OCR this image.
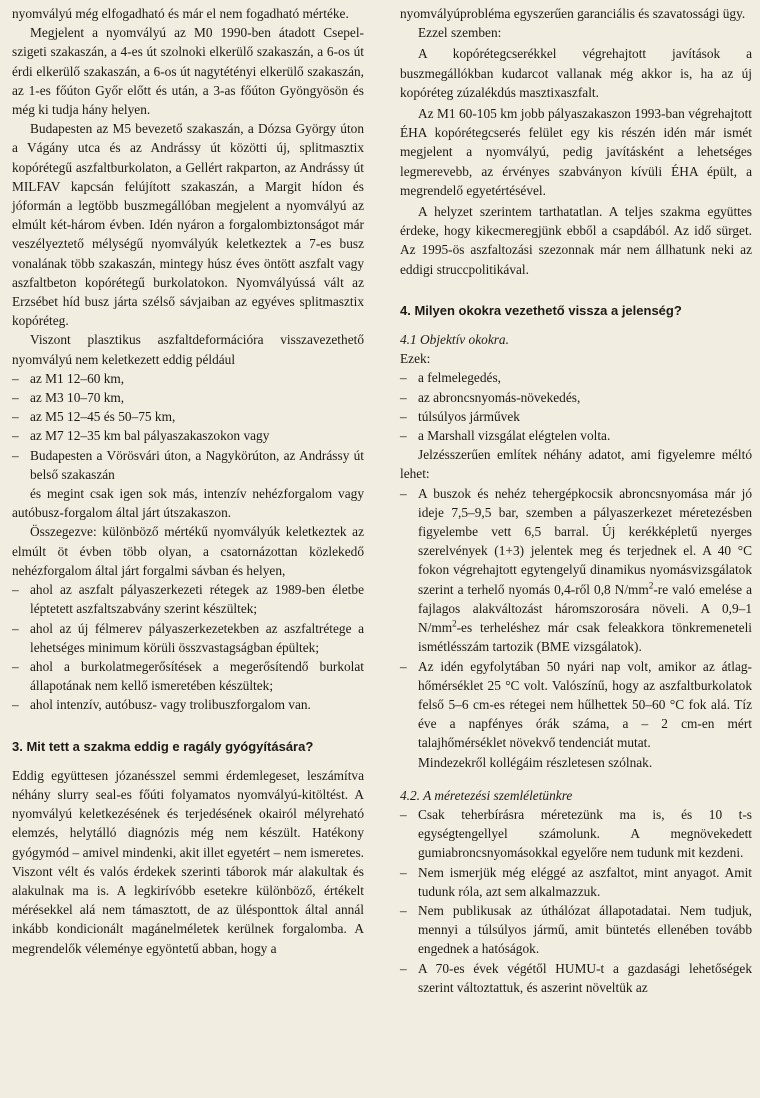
nyomvályú még elfogadható és már el nem fogadható mértéke.

Megjelent a nyomvályú az M0 1990-ben átadott Csepel-szigeti szakaszán, a 4-es út szolnoki elkerülő szakaszán, a 6-os út érdi elkerülő szakaszán, a 6-os út nagytétényi elkerülő szakaszán, az 1-es főúton Győr előtt és után, a 3-as főúton Gyöngyösön és még ki tudja hány helyen.

Budapesten az M5 bevezető szakaszán, a Dózsa György úton a Vágány utca és az Andrássy út közötti új, splitmasztix kopórétegű aszfaltburkolaton, a Gellért rakparton, az Andrássy út MILFAV kapcsán felújított szakaszán, a Margit hídon és jóformán a legtöbb buszmegállóban megjelent a nyomvályú az elmúlt két-három évben. Idén nyáron a forgalombiztonságot már veszélyeztető mélységű nyomvályúk keletkeztek a 7-es busz vonalának több szakaszán, mintegy húsz éves öntött aszfalt vagy aszfaltbeton kopórétegű burkolatokon. Nyomvályússá vált az Erzsébet híd busz járta szélső sávjaiban az egyéves splitmasztix kopóréteg.

Viszont plasztikus aszfaltdeformációra visszavezethető nyomvályú nem keletkezett eddig például

– az M1 12–60 km,

– az M3 10–70 km,

– az M5 12–45 és 50–75 km,

– az M7 12–35 km bal pályaszakaszokon vagy

– Budapesten a Vörösvári úton, a Nagykörúton, az Andrássy út belső szakaszán

és megint csak igen sok más, intenzív nehézforgalom vagy autóbusz-forgalom által járt útszakaszon.

Összegezve: különböző mértékű nyomvályúk keletkeztek az elmúlt öt évben több olyan, a csatornázottan közlekedő nehézforgalom által járt forgalmi sávban és helyen,

– ahol az aszfalt pályaszerkezeti rétegek az 1989-ben életbe léptetett aszfaltszabvány szerint készültek;

– ahol az új félmerev pályaszerkezetekben az aszfaltrétege a lehetséges minimum körüli összvastagságban épültek;

– ahol a burkolatmegerősítések a megerősítendő burkolat állapotának nem kellő ismeretében készültek;

– ahol intenzív, autóbusz- vagy trolibuszforgalom van.

3. Mit tett a szakma eddig e ragály gyógyítására?

Eddig együttesen józanésszel semmi érdemlegeset, leszámítva néhány slurry seal-es főúti folyamatos nyomvályú-kitöltést. A nyomvályú keletkezésének és terjedésének okairól mélyreható elemzés, helytálló diagnózis még nem készült. Hatékony gyógymód – amivel mindenki, akit illet egyetért – nem ismeretes. Viszont vélt és valós érdekek szerinti táborok már alakultak és alakulnak ma is. A legkirívóbb esetekre különböző, értékelt mérésekkel alá nem támasztott, de az ülésponttok által annál inkább kondicionált magánelméletek kerülnek forgalomba. A megrendelők véleménye egyöntetű abban, hogy a

nyomvályúprobléma egyszerűen garanciális és szavatossági ügy.

Ezzel szemben:

A kopórétegcserékkel végrehajtott javítások a buszmegállókban kudarcot vallanak még akkor is, ha az új kopóréteg zúzalékdús masztixaszfalt.

Az M1 60-105 km jobb pályaszakaszon 1993-ban végrehajtott ÉHA kopórétegcserés felület egy kis részén idén már ismét megjelent a nyomvályú, pedig javításként a lehetséges legmerevebb, az érvényes szabványon kívüli ÉHA épült, a megrendelő egyetértésével.

A helyzet szerintem tarthatatlan. A teljes szakma együttes érdeke, hogy kikecmeregjünk ebből a csapdából. Az idő sürget. Az 1995-ös aszfaltozási szezonnak már nem állhatunk neki az eddigi struccpolitikával.

4. Milyen okokra vezethető vissza a jelenség?
4.1 Objektív okokra.

Ezek:

– a felmelegedés,

– az abroncsnyomás-növekedés,

– túlsúlyos járművek

– a Marshall vizsgálat elégtelen volta.

Jelzésszerűen említek néhány adatot, ami figyelemre méltó lehet:

– A buszok és nehéz tehergépkocsik abroncsnyomása már jó ideje 7,5–9,5 bar, szemben a pályaszerkezet méretezésben figyelembe vett 6,5 barral. Új kerékképletű nyerges szerelvények (1+3) jelentek meg és terjednek el. A 40 °C fokon végrehajtott egytengelyű dinamikus nyomásvizsgálatok szerint a terhelő nyomás 0,4-ről 0,8 $N/mm^2-re$ való emelése a fajlagos alakváltozást háromszorosára növeli. A 0,9–1 $N/mm^2-es$ terheléshez már csak feleakkora tönkremeneteli ismétlésszám tartozik (BME vizsgálatok).

– Az idén egyfolytában 50 nyári nap volt, amikor az átlag-hőmérséklet 25 °C volt. Valószínű, hogy az aszfaltburkolatok felső 5–6 cm-es rétegei nem hűlhettek 50–60 °C fok alá. Tíz éve a napfényes órák száma, a – 2 cm-en mért talajhőmérséklet növekvő tendenciát mutat.

Mindezekről kollégáim részletesen szólnak.

4.2. A méretezési szemléletünkre

– Csak teherbírásra méretezünk ma is, és 10 t-s egységtengellyel számolunk. A megnövekedett gumiabroncsnyomásokkal egyelőre nem tudunk mit kezdeni.

– Nem ismerjük még eléggé az aszfaltot, mint anyagot. Amit tudunk róla, azt sem alkalmazzuk.

– Nem publikusak az úthálózat állapotadatai. Nem tudjuk, mennyi a túlsúlyos jármű, amit büntetés ellenében tovább engednek a hatóságok.

– A 70-es évek végétől HUMU-t a gazdasági lehetőségek szerint változtattuk, és aszerint növeltük az
